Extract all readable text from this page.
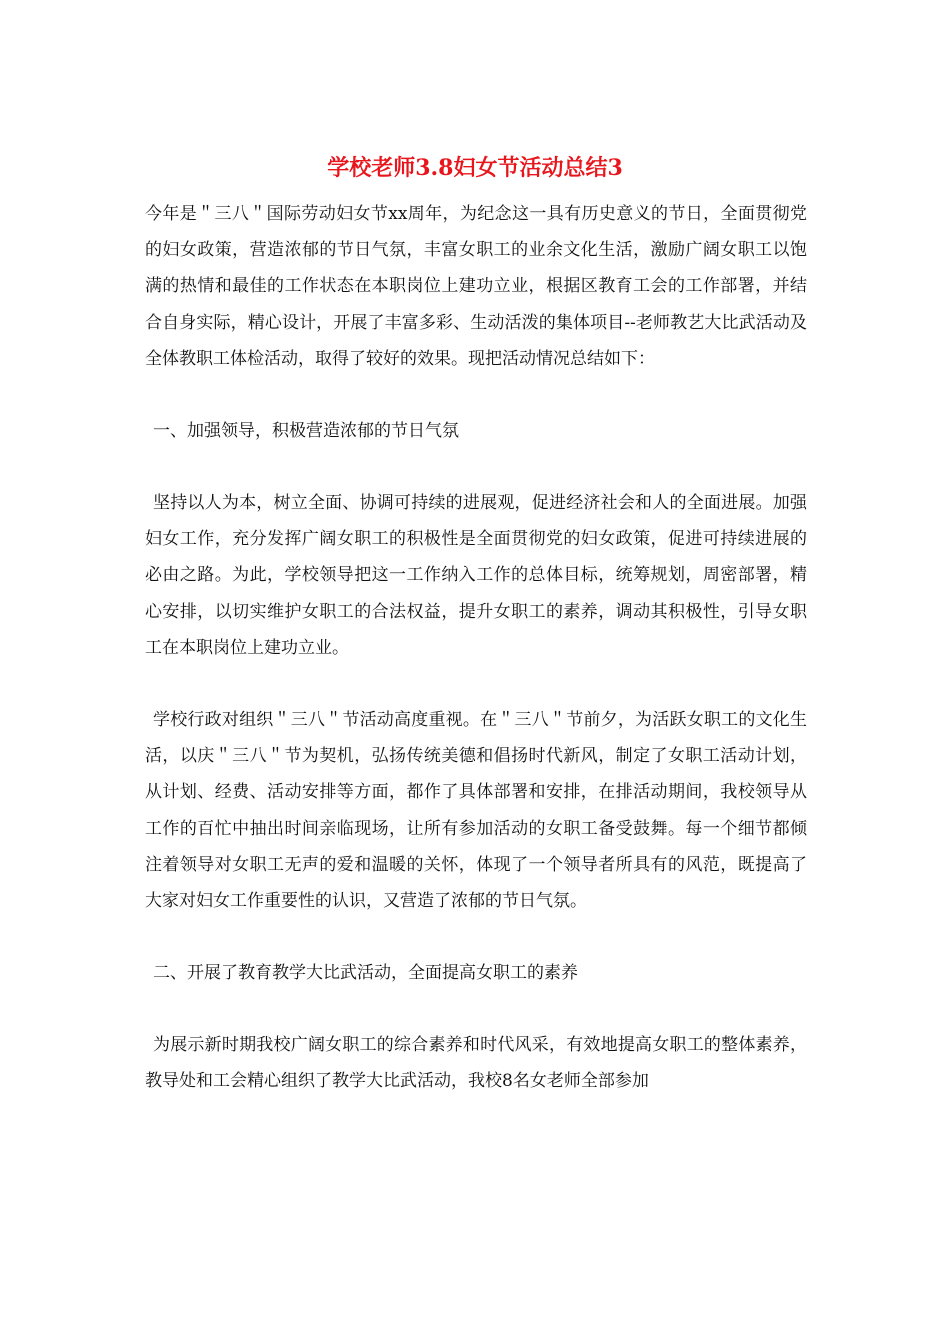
学校老师3.8妇女节活动总结3

今年是＂三八＂国际劳动妇女节xx周年，为纪念这一具有历史意义的节日，全面贯彻党的妇女政策，营造浓郁的节日气氛，丰富女职工的业余文化生活，激励广阔女职工以饱满的热情和最佳的工作状态在本职岗位上建功立业，根据区教育工会的工作部署，并结合自身实际，精心设计，开展了丰富多彩、生动活泼的集体项目--老师教艺大比武活动及全体教职工体检活动，取得了较好的效果。现把活动情况总结如下：

一、加强领导，积极营造浓郁的节日气氛

坚持以人为本，树立全面、协调可持续的进展观，促进经济社会和人的全面进展。加强妇女工作，充分发挥广阔女职工的积极性是全面贯彻党的妇女政策，促进可持续进展的必由之路。为此，学校领导把这一工作纳入工作的总体目标，统筹规划，周密部署，精心安排，以切实维护女职工的合法权益，提升女职工的素养，调动其积极性，引导女职工在本职岗位上建功立业。

学校行政对组织＂三八＂节活动高度重视。在＂三八＂节前夕，为活跃女职工的文化生活，以庆＂三八＂节为契机，弘扬传统美德和倡扬时代新风，制定了女职工活动计划，从计划、经费、活动安排等方面，都作了具体部署和安排，在排活动期间，我校领导从工作的百忙中抽出时间亲临现场，让所有参加活动的女职工备受鼓舞。每一个细节都倾注着领导对女职工无声的爱和温暖的关怀，体现了一个领导者所具有的风范，既提高了大家对妇女工作重要性的认识，又营造了浓郁的节日气氛。

二、开展了教育教学大比武活动，全面提高女职工的素养

为展示新时期我校广阔女职工的综合素养和时代风采，有效地提高女职工的整体素养，教导处和工会精心组织了教学大比武活动，我校8名女老师全部参加
